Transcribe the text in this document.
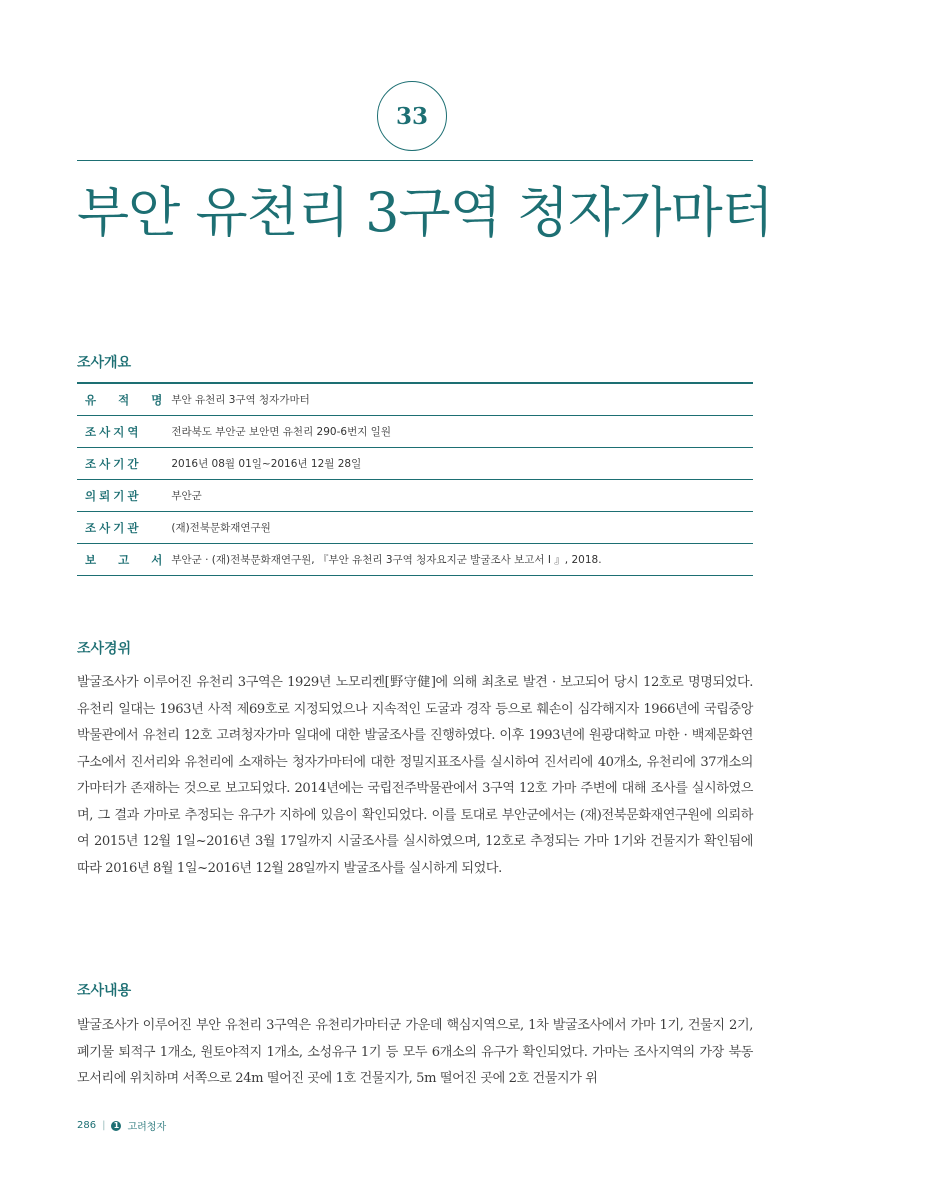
33
부안 유천리 3구역 청자가마터
조사개요
유 적 명	부안 유천리 3구역 청자가마터
조사지역	전라북도 부안군 보안면 유천리 290-6번지 일원
조사기간	2016년 08월 01일~2016년 12월 28일
의뢰기관	부안군
조사기관	(재)전북문화재연구원
보 고 서	부안군 · (재)전북문화재연구원, 『부안 유천리 3구역 청자요지군 발굴조사 보고서 I 』, 2018.
조사경위

발굴조사가 이루어진 유천리 3구역은 1929년 노모리켄[野守健]에 의해 최초로 발견 · 보고되어 당시 12호로 명명되었다. 유천리 일대는 1963년 사적 제69호로 지정되었으나 지속적인 도굴과 경작 등으로 훼손이 심각해지자 1966년에 국립중앙박물관에서 유천리 12호 고려청자가마 일대에 대한 발굴조사를 진행하였다. 이후 1993년에 원광대학교 마한 · 백제문화연구소에서 진서리와 유천리에 소재하는 청자가마터에 대한 정밀지표조사를 실시하여 진서리에 40개소, 유천리에 37개소의 가마터가 존재하는 것으로 보고되었다. 2014년에는 국립전주박물관에서 3구역 12호 가마 주변에 대해 조사를 실시하였으며, 그 결과 가마로 추정되는 유구가 지하에 있음이 확인되었다. 이를 토대로 부안군에서는 (재)전북문화재연구원에 의뢰하여 2015년 12월 1일~2016년 3월 17일까지 시굴조사를 실시하였으며, 12호로 추정되는 가마 1기와 건물지가 확인됨에 따라 2016년 8월 1일~2016년 12월 28일까지 발굴조사를 실시하게 되었다.

조사내용

발굴조사가 이루어진 부안 유천리 3구역은 유천리가마터군 가운데 핵심지역으로, 1차 발굴조사에서 가마 1기, 건물지 2기, 폐기물 퇴적구 1개소, 원토야적지 1개소, 소성유구 1기 등 모두 6개소의 유구가 확인되었다. 가마는 조사지역의 가장 북동 모서리에 위치하며 서쪽으로 24m 떨어진 곳에 1호 건물지가, 5m 떨어진 곳에 2호 건물지가 위

286 | 1 고려청자
